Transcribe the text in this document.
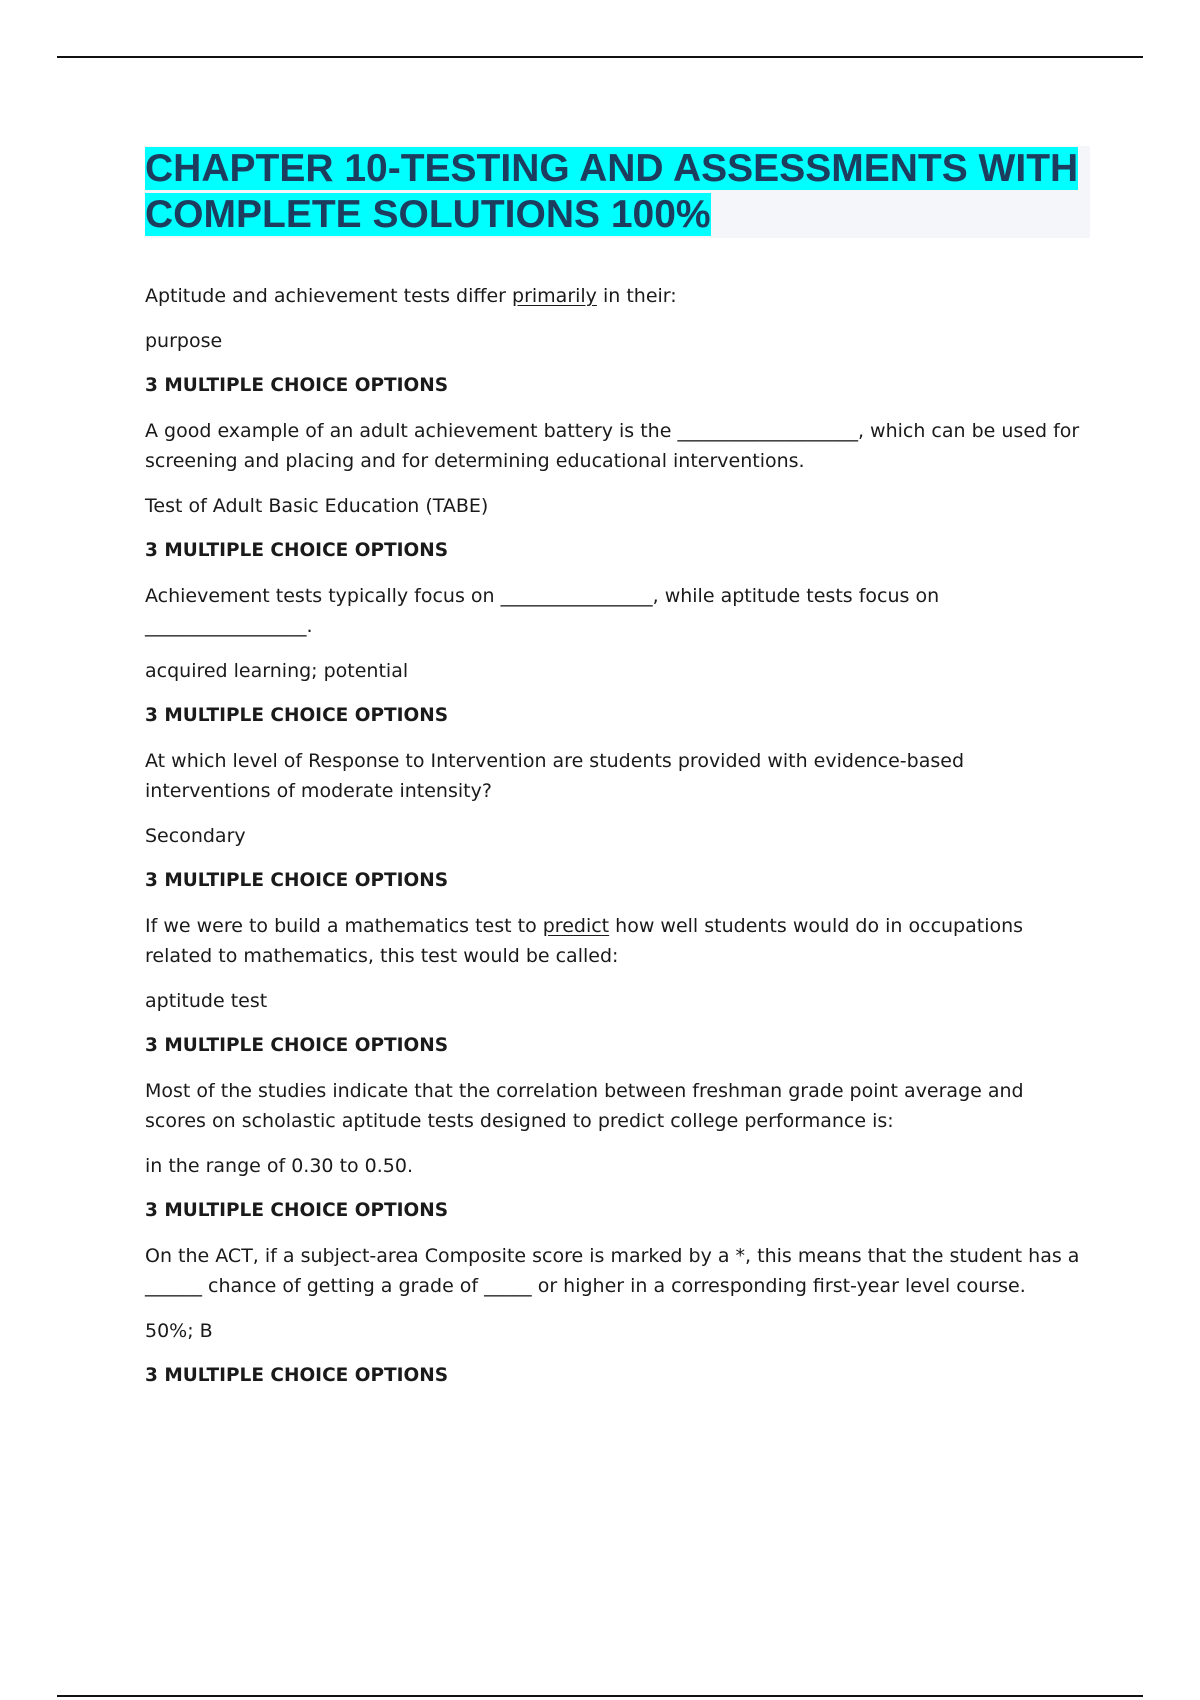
CHAPTER 10-TESTING AND ASSESSMENTS WITH COMPLETE SOLUTIONS 100%

Aptitude and achievement tests differ primarily in their:

purpose

3 MULTIPLE CHOICE OPTIONS

A good example of an adult achievement battery is the ___________________, which can be used for screening and placing and for determining educational interventions.

Test of Adult Basic Education (TABE)

3 MULTIPLE CHOICE OPTIONS

Achievement tests typically focus on ________________, while aptitude tests focus on _________________.

acquired learning; potential

3 MULTIPLE CHOICE OPTIONS

At which level of Response to Intervention are students provided with evidence-based interventions of moderate intensity?

Secondary

3 MULTIPLE CHOICE OPTIONS

If we were to build a mathematics test to predict how well students would do in occupations related to mathematics, this test would be called:

aptitude test

3 MULTIPLE CHOICE OPTIONS

Most of the studies indicate that the correlation between freshman grade point average and scores on scholastic aptitude tests designed to predict college performance is:

in the range of 0.30 to 0.50.

3 MULTIPLE CHOICE OPTIONS

On the ACT, if a subject-area Composite score is marked by a *, this means that the student has a ______ chance of getting a grade of _____ or higher in a corresponding first-year level course.

50%; B

3 MULTIPLE CHOICE OPTIONS
